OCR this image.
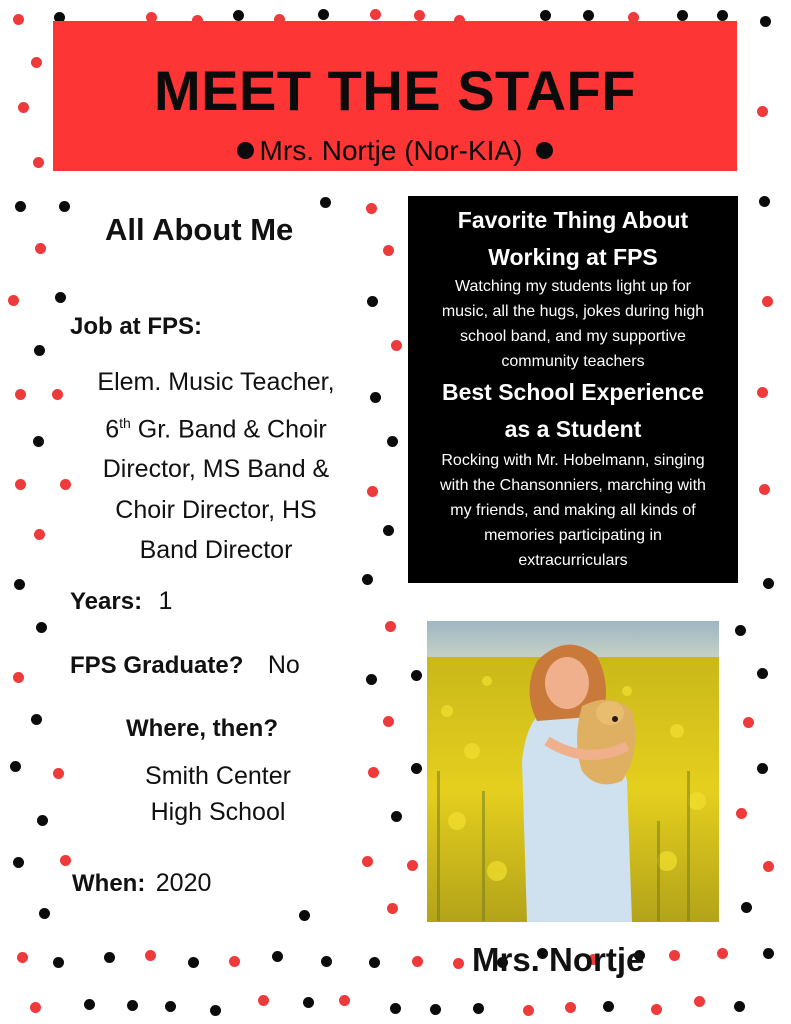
MEET THE STAFF
Mrs. Nortje (Nor-KIA)
All About Me
Job at FPS:
Elem. Music Teacher,
6th Gr. Band & Choir
Director, MS Band &
Choir Director, HS
Band Director
Years: 1
FPS Graduate? No
Where, then?
Smith Center
High School
When: 2020
Favorite Thing About
Working at FPS
Watching my students light up for
music, all the hugs, jokes during high
school band, and my supportive
community teachers
Best School Experience
as a Student
Rocking with Mr. Hobelmann, singing
with the Chansonniers, marching with
my friends, and making all kinds of
memories participating in
extracurriculars
Mrs. Nortje
